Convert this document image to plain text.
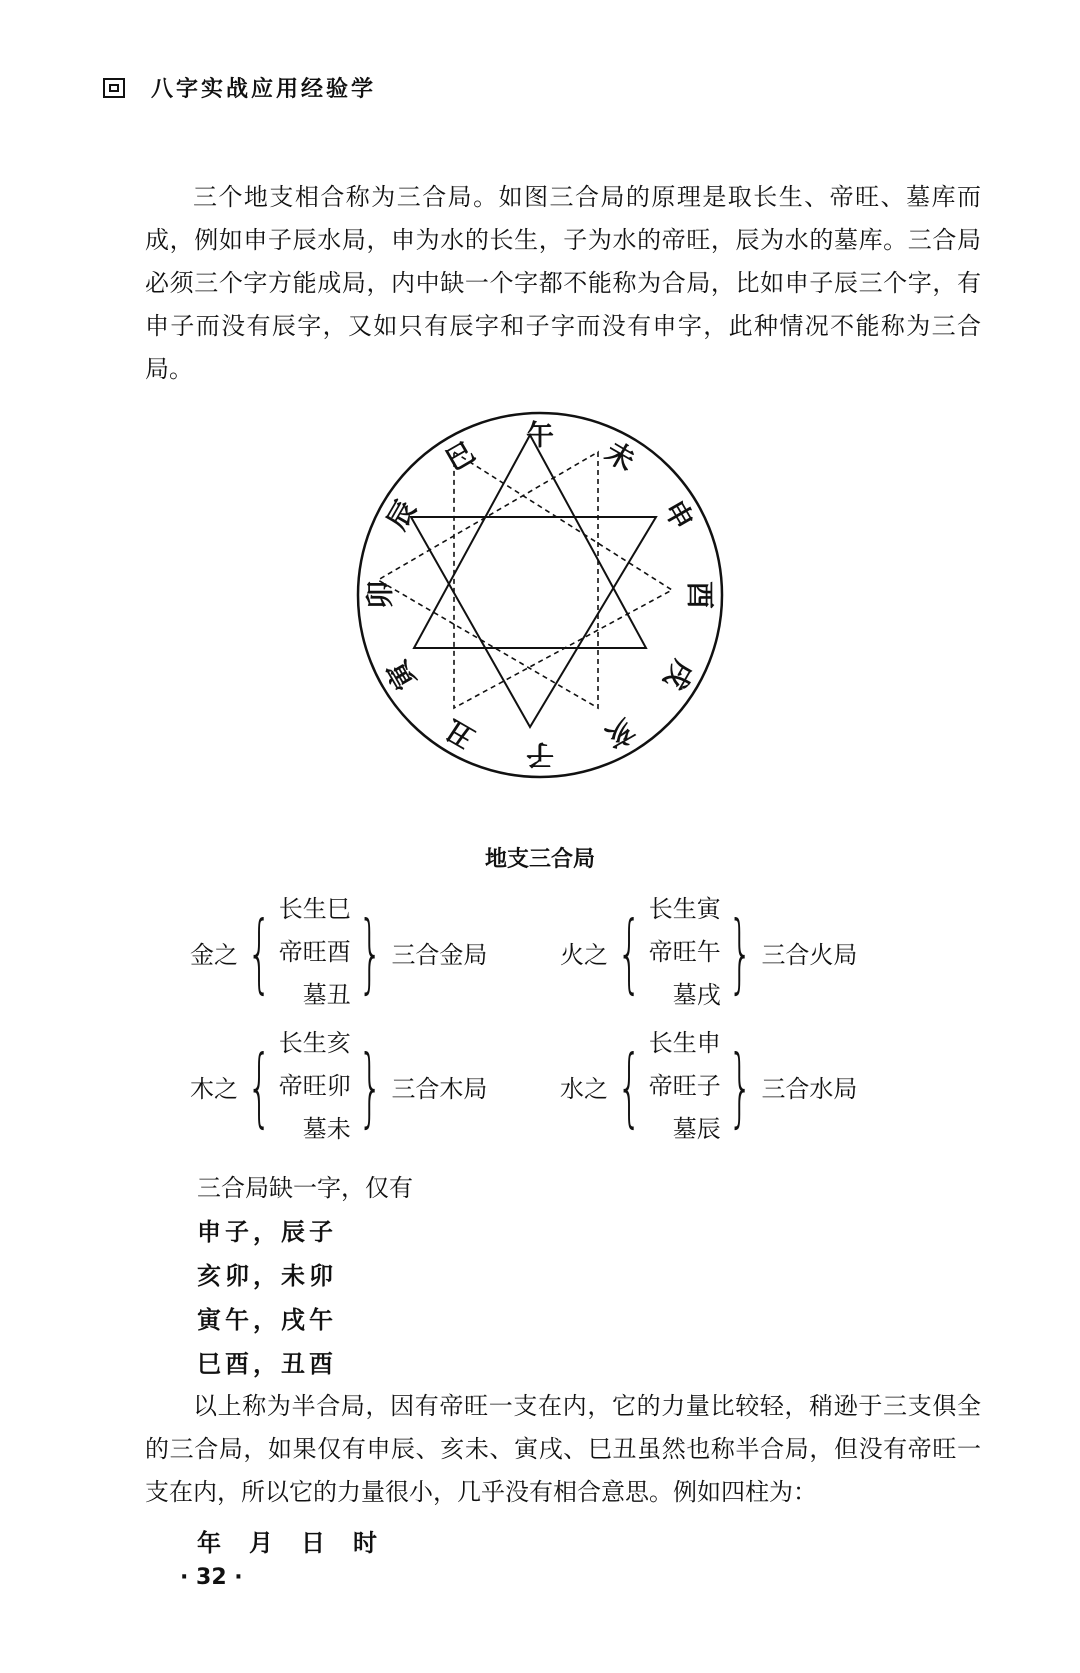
八字实战应用经验学
三个地支相合称为三合局。如图三合局的原理是取长生、帝旺、墓库而成，例如申子辰水局，申为水的长生，子为水的帝旺，辰为水的墓库。三合局必须三个字方能成局，内中缺一个字都不能称为合局，比如申子辰三个字，有申子而没有辰字，又如只有辰字和子字而没有申字，此种情况不能称为三合局。
午
未
申
酉
戌
亥
子
丑
寅
卯
辰
巳
地支三合局
金之 { 长生巳
帝旺酉
墓丑 } 三合金局	火之 { 长生寅
帝旺午
墓戌 } 三合火局
木之 { 长生亥
帝旺卯
墓未 } 三合木局	水之 { 长生申
帝旺子
墓辰 } 三合水局
三合局缺一字，仅有
申子，辰子
亥卯，未卯
寅午，戌午
巳酉，丑酉
以上称为半合局，因有帝旺一支在内，它的力量比较轻，稍逊于三支俱全的三合局，如果仅有申辰、亥未、寅戌、巳丑虽然也称半合局，但没有帝旺一支在内，所以它的力量很小，几乎没有相合意思。例如四柱为：
年　月　日　时
· 32 ·
